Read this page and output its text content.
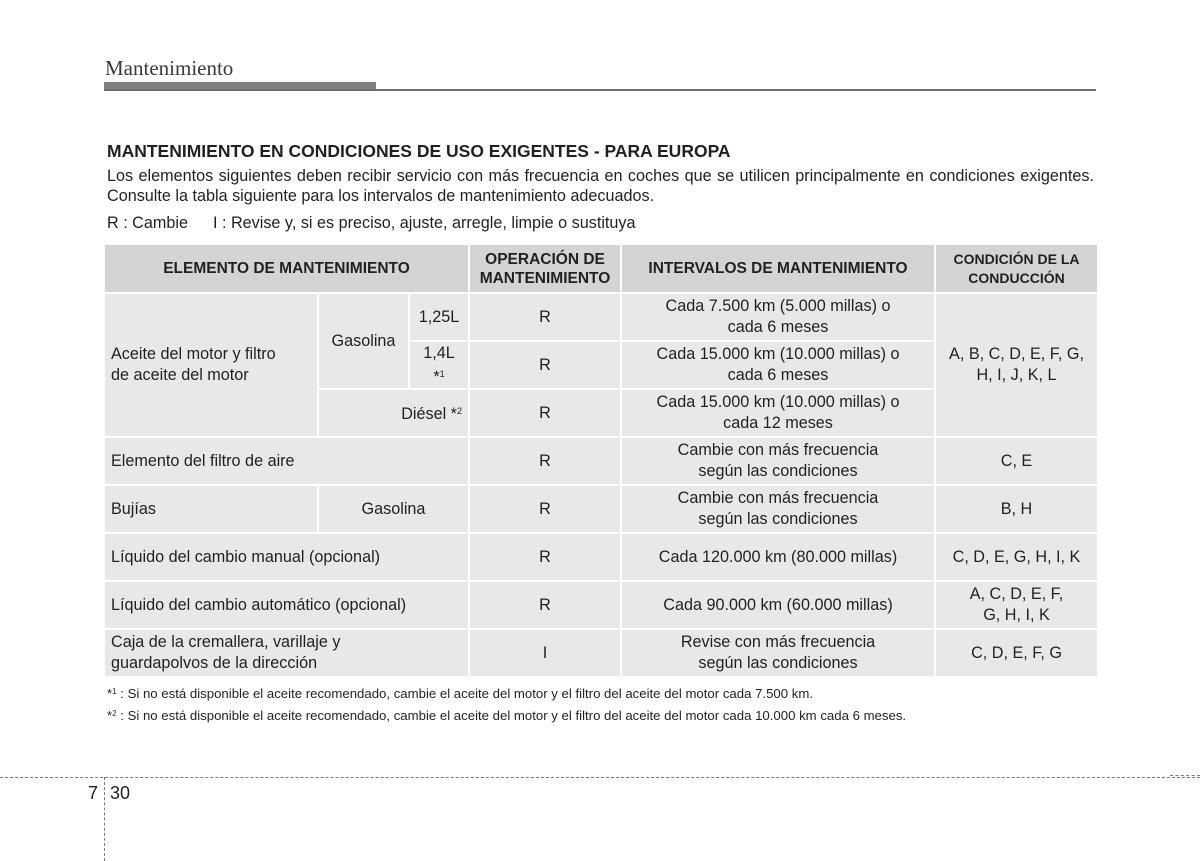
Mantenimiento
MANTENIMIENTO EN CONDICIONES DE USO EXIGENTES - PARA EUROPA
Los elementos siguientes deben recibir servicio con más frecuencia en coches que se utilicen principalmente en condiciones exigentes. Consulte la tabla siguiente para los intervalos de mantenimiento adecuados.
R : Cambie I : Revise y, si es preciso, ajuste, arregle, limpie o sustituya
ELEMENTO DE MANTENIMIENTO			OPERACIÓN DE
MANTENIMIENTO	INTERVALOS DE MANTENIMIENTO	CONDICIÓN DE LA
CONDUCCIÓN
Aceite del motor y filtro
de aceite del motor	Gasolina	1,25L	R	Cada 7.500 km (5.000 millas) o
cada 6 meses	A, B, C, D, E, F, G,
H, I, J, K, L
		1,4L *$^1$	R	Cada 15.000 km (10.000 millas) o
cada 6 meses	
	Diésel *$^2$		R	Cada 15.000 km (10.000 millas) o
cada 12 meses	
Elemento del filtro de aire			R	Cambie con más frecuencia
según las condiciones	C, E
Bujías	Gasolina		R	Cambie con más frecuencia
según las condiciones	B, H
Líquido del cambio manual (opcional)			R	Cada 120.000 km (80.000 millas)	C, D, E, G, H, I, K
Líquido del cambio automático (opcional)			R	Cada 90.000 km (60.000 millas)	A, C, D, E, F,
G, H, I, K
Caja de la cremallera, varillaje y
guardapolvos de la dirección			I	Revise con más frecuencia
según las condiciones	C, D, E, F, G
*$^1$ : Si no está disponible el aceite recomendado, cambie el aceite del motor y el filtro del aceite del motor cada 7.500 km.
*$^2$ : Si no está disponible el aceite recomendado, cambie el aceite del motor y el filtro del aceite del motor cada 10.000 km cada 6 meses.
7 30
